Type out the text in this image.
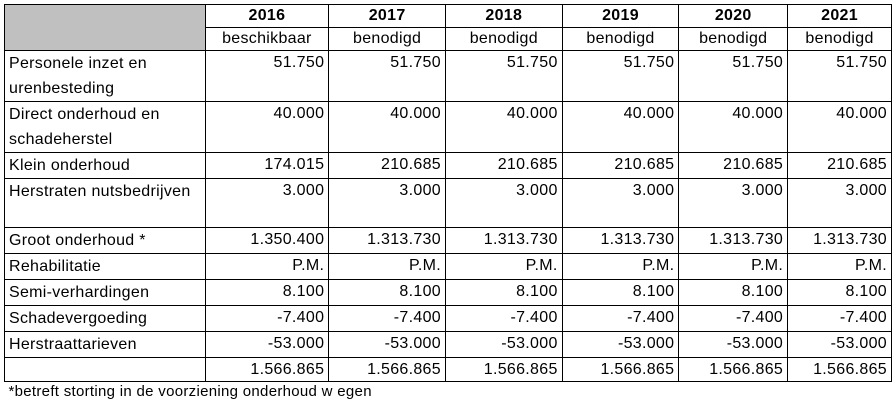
	2016	2017	2018	2019	2020	2021
	beschikbaar	benodigd	benodigd	benodigd	benodigd	benodigd
Personele inzet en urenbesteding	51.750	51.750	51.750	51.750	51.750	51.750
Direct onderhoud en schadeherstel	40.000	40.000	40.000	40.000	40.000	40.000
Klein onderhoud	174.015	210.685	210.685	210.685	210.685	210.685
Herstraten nutsbedrijven	3.000	3.000	3.000	3.000	3.000	3.000
Groot onderhoud *	1.350.400	1.313.730	1.313.730	1.313.730	1.313.730	1.313.730
Rehabilitatie	P.M.	P.M.	P.M.	P.M.	P.M.	P.M.
Semi-verhardingen	8.100	8.100	8.100	8.100	8.100	8.100
Schadevergoeding	-7.400	-7.400	-7.400	-7.400	-7.400	-7.400
Herstraattarieven	-53.000	-53.000	-53.000	-53.000	-53.000	-53.000
	1.566.865	1.566.865	1.566.865	1.566.865	1.566.865	1.566.865
*betreft storting in de voorziening onderhoud w egen						
